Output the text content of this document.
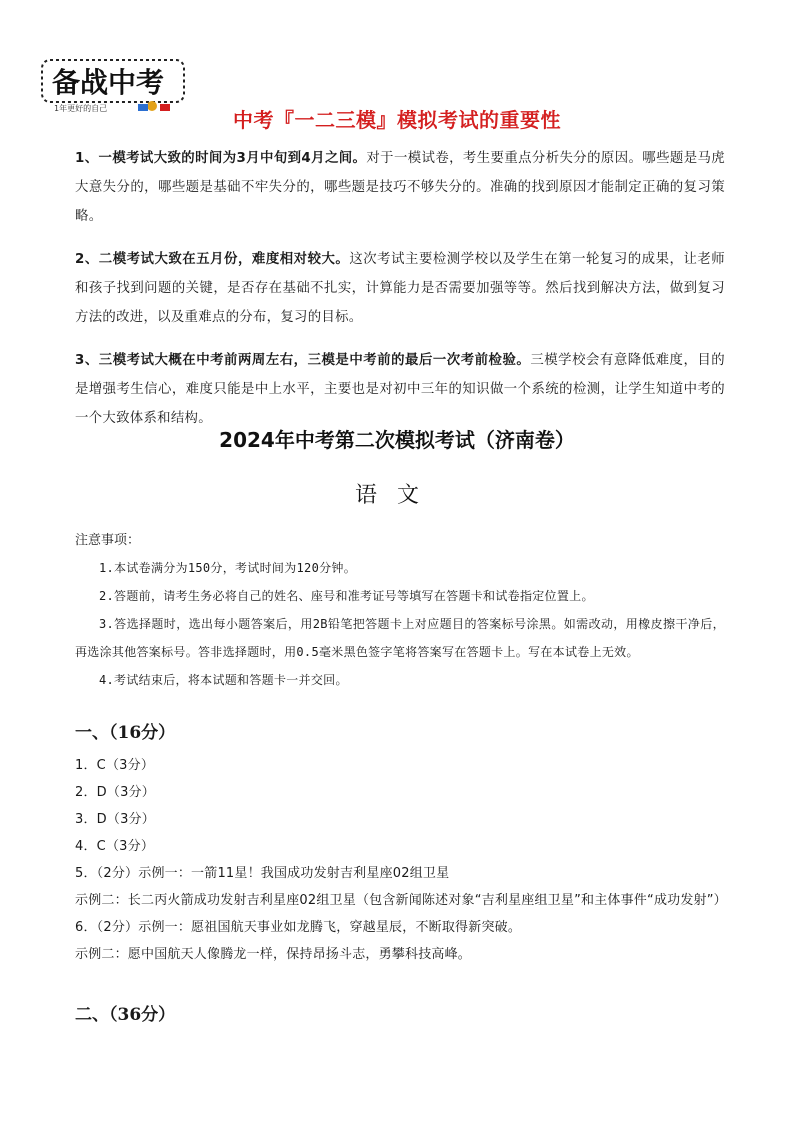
备战中考
1年更好的自己	中考『一二三模』模拟考试的重要性

1、一模考试大致的时间为3月中旬到4月之间。对于一模试卷，考生要重点分析失分的原因。哪些题是马虎大意失分的，哪些题是基础不牢失分的，哪些题是技巧不够失分的。准确的找到原因才能制定正确的复习策略。

2、二模考试大致在五月份，难度相对较大。这次考试主要检测学校以及学生在第一轮复习的成果，让老师和孩子找到问题的关键，是否存在基础不扎实，计算能力是否需要加强等等。然后找到解决方法，做到复习方法的改进，以及重难点的分布，复习的目标。

3、三模考试大概在中考前两周左右，三模是中考前的最后一次考前检验。三模学校会有意降低难度，目的是增强考生信心，难度只能是中上水平，主要也是对初中三年的知识做一个系统的检测，让学生知道中考的一个大致体系和结构。

2024年中考第二次模拟考试（济南卷）
语文

注意事项：

1.本试卷满分为150分，考试时间为120分钟。

2.答题前，请考生务必将自己的姓名、座号和准考证号等填写在答题卡和试卷指定位置上。

3.答选择题时，选出每小题答案后，用2B铅笔把答题卡上对应题目的答案标号涂黑。如需改动，用橡皮擦干净后，再选涂其他答案标号。答非选择题时，用0.5毫米黑色签字笔将答案写在答题卡上。写在本试卷上无效。

4.考试结束后，将本试题和答题卡一并交回。

一、（16分）

1．C（3分）

2．D（3分）

3．D（3分）

4．C（3分）

5．（2分）示例一：一箭11星！我国成功发射吉利星座02组卫星

示例二：长二丙火箭成功发射吉利星座02组卫星（包含新闻陈述对象“吉利星座组卫星”和主体事件“成功发射”）

6．（2分）示例一：愿祖国航天事业如龙腾飞，穿越星辰，不断取得新突破。

示例二：愿中国航天人像腾龙一样，保持昂扬斗志，勇攀科技高峰。

二、（36分）
